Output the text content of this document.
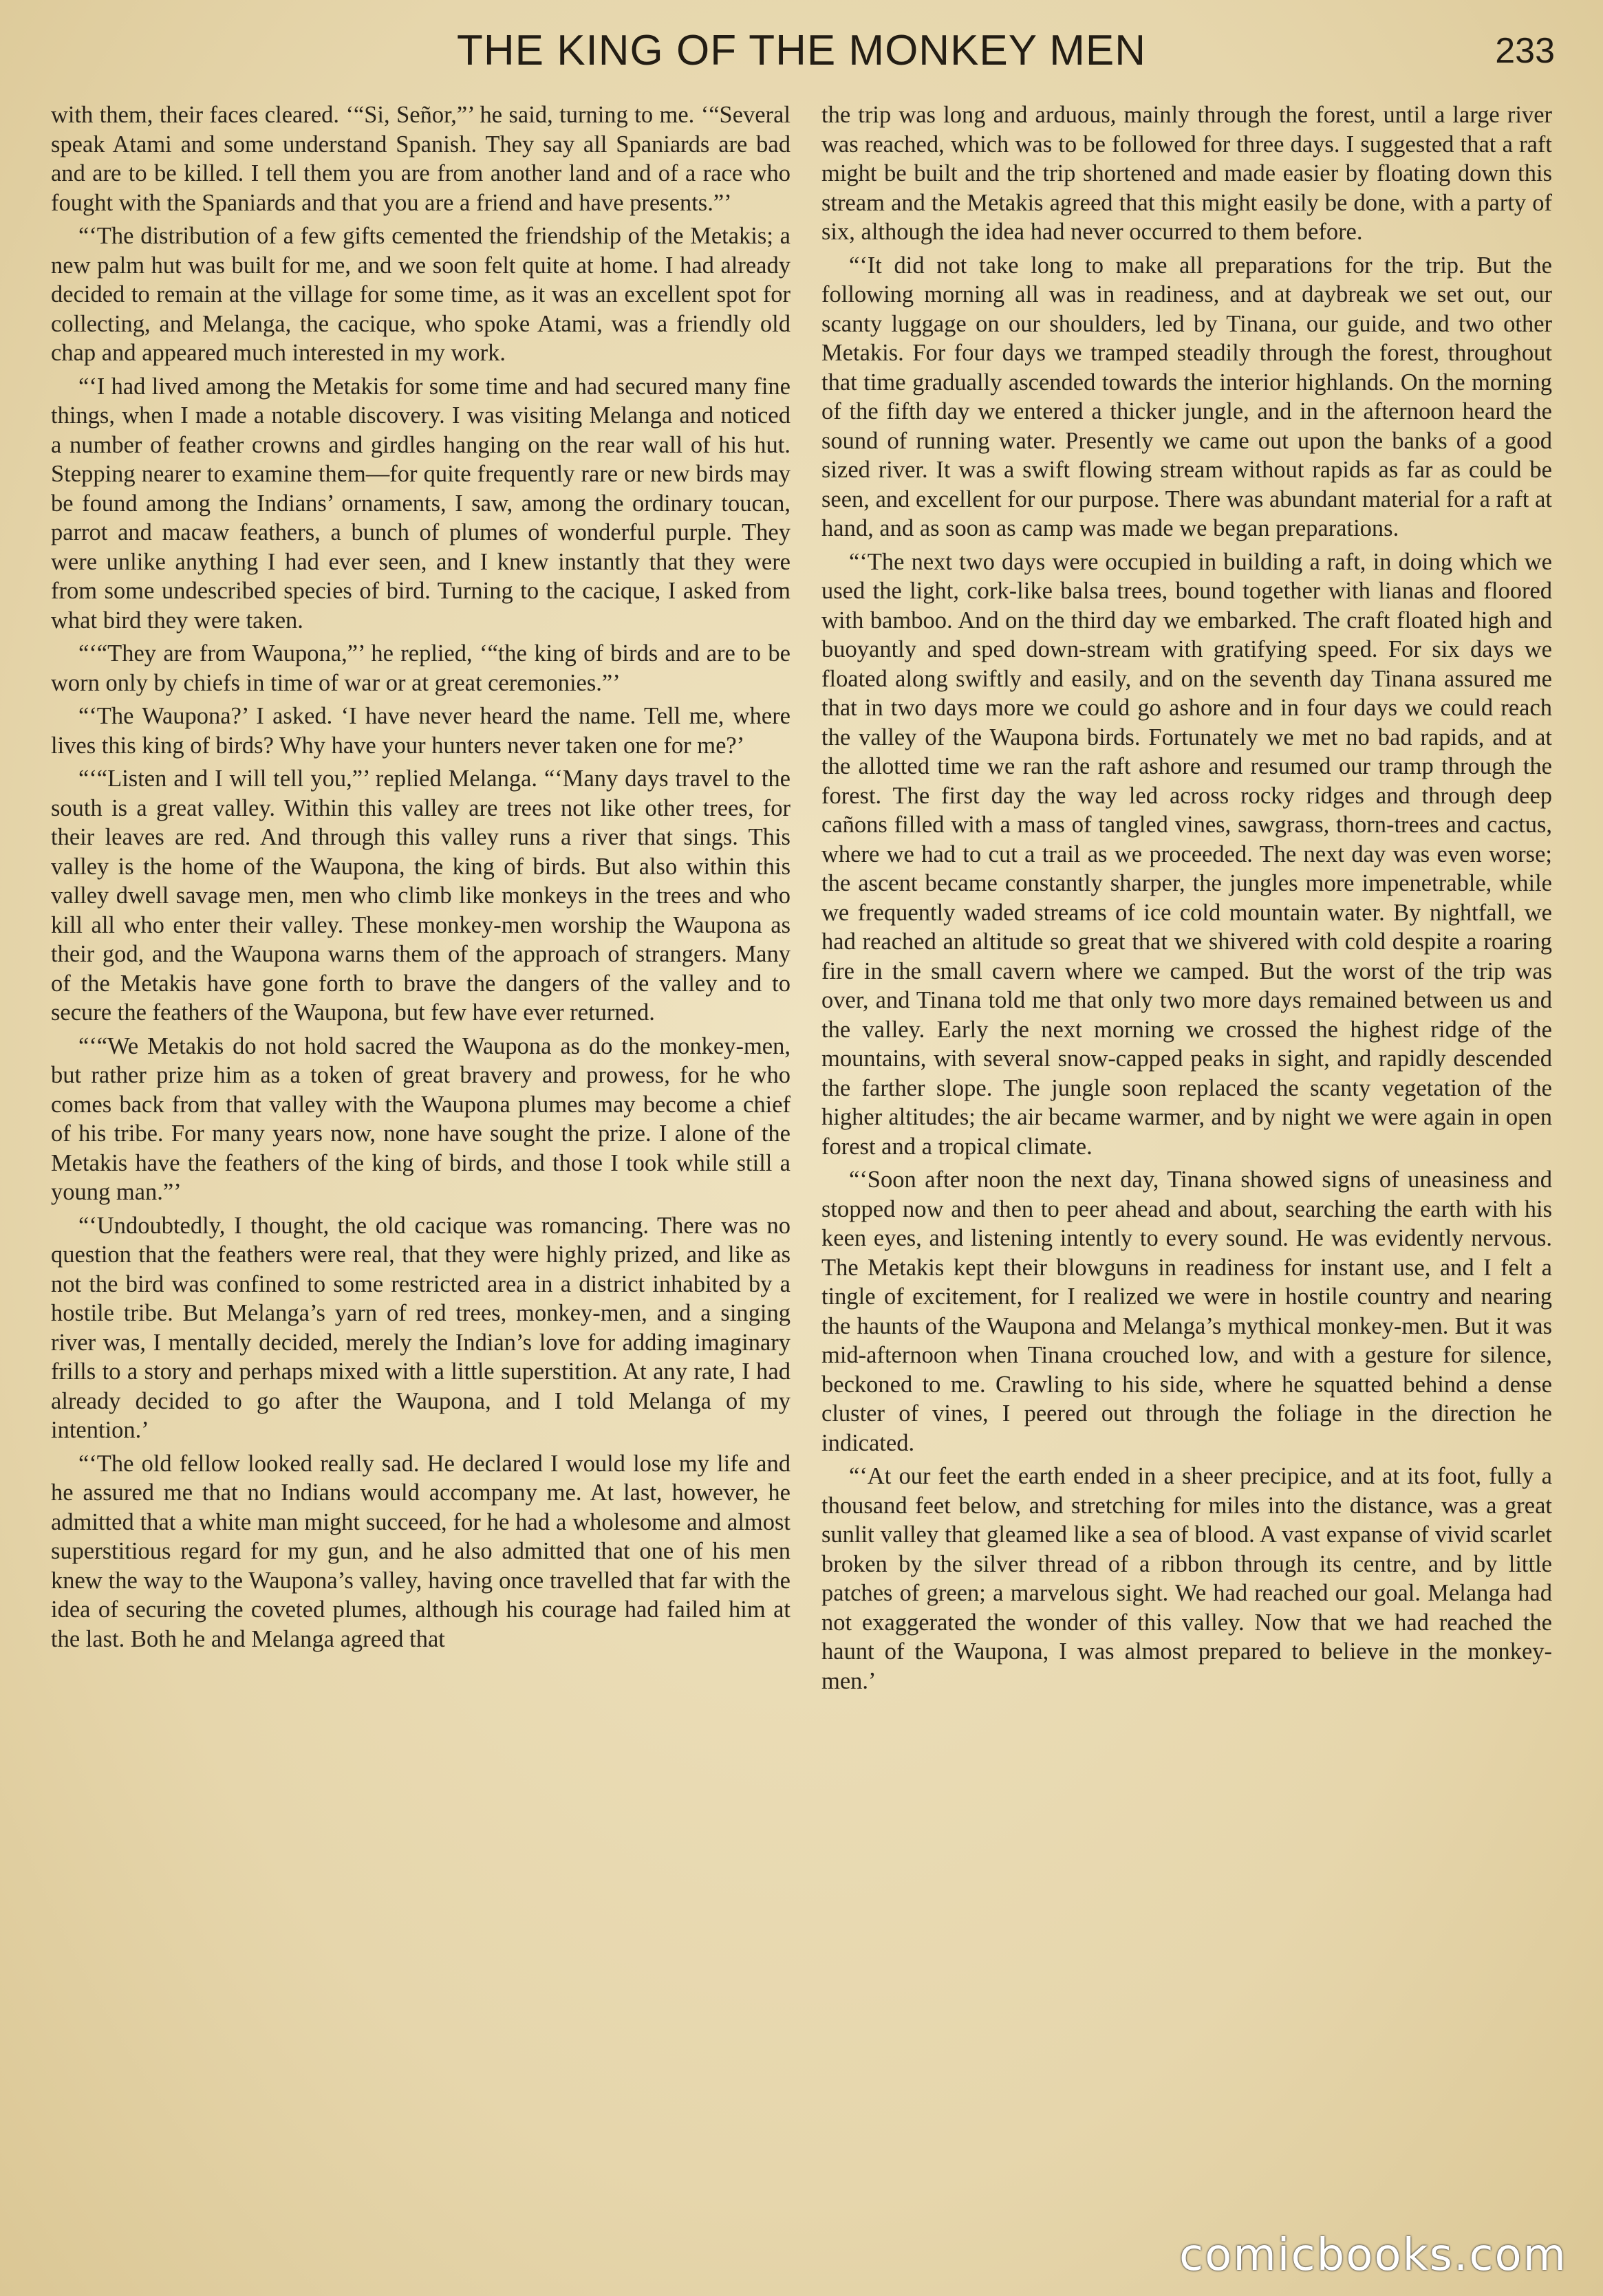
THE KING OF THE MONKEY MEN	233

with them, their faces cleared. ‘“Si, Señor,”’ he said, turning to me. ‘“Several speak Atami and some understand Spanish. They say all Spaniards are bad and are to be killed. I tell them you are from another land and of a race who fought with the Spaniards and that you are a friend and have presents.”’

“‘The distribution of a few gifts cemented the friendship of the Metakis; a new palm hut was built for me, and we soon felt quite at home. I had already decided to remain at the village for some time, as it was an excellent spot for collecting, and Melanga, the cacique, who spoke Atami, was a friendly old chap and appeared much interested in my work.

“‘I had lived among the Metakis for some time and had secured many fine things, when I made a notable discovery. I was visiting Melanga and noticed a number of feather crowns and girdles hanging on the rear wall of his hut. Stepping nearer to examine them—for quite frequently rare or new birds may be found among the Indians’ ornaments, I saw, among the ordinary toucan, parrot and macaw feathers, a bunch of plumes of wonderful purple. They were unlike anything I had ever seen, and I knew instantly that they were from some undescribed species of bird. Turning to the cacique, I asked from what bird they were taken.

“‘“They are from Waupona,”’ he replied, ‘“the king of birds and are to be worn only by chiefs in time of war or at great ceremonies.”’

“‘The Waupona?’ I asked. ‘I have never heard the name. Tell me, where lives this king of birds? Why have your hunters never taken one for me?’

“‘“Listen and I will tell you,”’ replied Melanga. “‘Many days travel to the south is a great valley. Within this valley are trees not like other trees, for their leaves are red. And through this valley runs a river that sings. This valley is the home of the Waupona, the king of birds. But also within this valley dwell savage men, men who climb like monkeys in the trees and who kill all who enter their valley. These monkey-men worship the Waupona as their god, and the Waupona warns them of the approach of strangers. Many of the Metakis have gone forth to brave the dangers of the valley and to secure the feathers of the Waupona, but few have ever returned.

“‘“We Metakis do not hold sacred the Waupona as do the monkey-men, but rather prize him as a token of great bravery and prowess, for he who comes back from that valley with the Waupona plumes may become a chief of his tribe. For many years now, none have sought the prize. I alone of the Metakis have the feathers of the king of birds, and those I took while still a young man.”’

“‘Undoubtedly, I thought, the old cacique was romancing. There was no question that the feathers were real, that they were highly prized, and like as not the bird was confined to some restricted area in a district inhabited by a hostile tribe. But Melanga’s yarn of red trees, monkey-men, and a singing river was, I mentally decided, merely the Indian’s love for adding imaginary frills to a story and perhaps mixed with a little superstition. At any rate, I had already decided to go after the Waupona, and I told Melanga of my intention.’

“‘The old fellow looked really sad. He declared I would lose my life and he assured me that no Indians would accompany me. At last, however, he admitted that a white man might succeed, for he had a wholesome and almost superstitious regard for my gun, and he also admitted that one of his men knew the way to the Waupona’s valley, having once travelled that far with the idea of securing the coveted plumes, although his courage had failed him at the last. Both he and Melanga agreed that

the trip was long and arduous, mainly through the forest, until a large river was reached, which was to be followed for three days. I suggested that a raft might be built and the trip shortened and made easier by floating down this stream and the Metakis agreed that this might easily be done, with a party of six, although the idea had never occurred to them before.

“‘It did not take long to make all preparations for the trip. But the following morning all was in readiness, and at daybreak we set out, our scanty luggage on our shoulders, led by Tinana, our guide, and two other Metakis. For four days we tramped steadily through the forest, throughout that time gradually ascended towards the interior highlands. On the morning of the fifth day we entered a thicker jungle, and in the afternoon heard the sound of running water. Presently we came out upon the banks of a good sized river. It was a swift flowing stream without rapids as far as could be seen, and excellent for our purpose. There was abundant material for a raft at hand, and as soon as camp was made we began preparations.

“‘The next two days were occupied in building a raft, in doing which we used the light, cork-like balsa trees, bound together with lianas and floored with bamboo. And on the third day we embarked. The craft floated high and buoyantly and sped down-stream with gratifying speed. For six days we floated along swiftly and easily, and on the seventh day Tinana assured me that in two days more we could go ashore and in four days we could reach the valley of the Waupona birds. Fortunately we met no bad rapids, and at the allotted time we ran the raft ashore and resumed our tramp through the forest. The first day the way led across rocky ridges and through deep cañons filled with a mass of tangled vines, sawgrass, thorn-trees and cactus, where we had to cut a trail as we proceeded. The next day was even worse; the ascent became constantly sharper, the jungles more impenetrable, while we frequently waded streams of ice cold mountain water. By nightfall, we had reached an altitude so great that we shivered with cold despite a roaring fire in the small cavern where we camped. But the worst of the trip was over, and Tinana told me that only two more days remained between us and the valley. Early the next morning we crossed the highest ridge of the mountains, with several snow-capped peaks in sight, and rapidly descended the farther slope. The jungle soon replaced the scanty vegetation of the higher altitudes; the air became warmer, and by night we were again in open forest and a tropical climate.

“‘Soon after noon the next day, Tinana showed signs of uneasiness and stopped now and then to peer ahead and about, searching the earth with his keen eyes, and listening intently to every sound. He was evidently nervous. The Metakis kept their blowguns in readiness for instant use, and I felt a tingle of excitement, for I realized we were in hostile country and nearing the haunts of the Waupona and Melanga’s mythical monkey-men. But it was mid-afternoon when Tinana crouched low, and with a gesture for silence, beckoned to me. Crawling to his side, where he squatted behind a dense cluster of vines, I peered out through the foliage in the direction he indicated.

“‘At our feet the earth ended in a sheer precipice, and at its foot, fully a thousand feet below, and stretching for miles into the distance, was a great sunlit valley that gleamed like a sea of blood. A vast expanse of vivid scarlet broken by the silver thread of a ribbon through its centre, and by little patches of green; a marvelous sight. We had reached our goal. Melanga had not exaggerated the wonder of this valley. Now that we had reached the haunt of the Waupona, I was almost prepared to believe in the monkey-men.’

comicbooks.com
